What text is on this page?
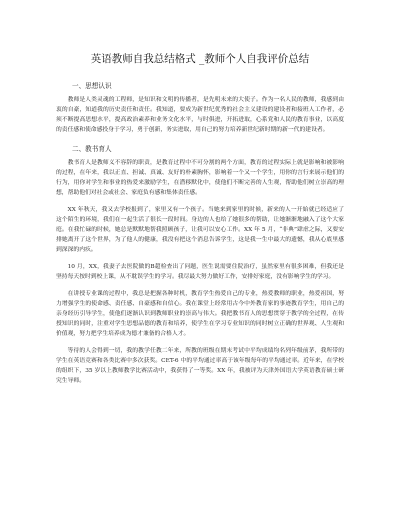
英语教师自我总结格式 _教师个人自我评价总结
一、思想认识

教师是人类灵魂的工程师，是知识和文明的传播者，是先明未来的大使子。作为一名人民的教师，我感到由衷的自豪，知道我的历史责任和责任。我知道，要成为新世纪优秀的社会主义建设的建设者和接班人工作者，必须不断提高思想水平，提高政治素养和业务文化水平，与时俱进，开拓进取，心系党和人民的教育事业，以高度的责任感和使命感投身于学习，勇于创新，务实进取，用自己的努力培养新世纪新时期的新一代的建设者。

二、教书育人

教书育人是教师义不容辞的职责，是教育过程中不可分割的两个方面，教育的过程实际上就是影响和被影响的过程，在年来，我以正直、担诚、真诚、友好的朴素胸怀，影响着一个又一个学生，用你的言行来展示他们的行为，用你对学生和事业的热爱来激励学生，在潜移默化中，使他们不断完善的人生观，帮助他们树立崇高的理想，帮助他们对社会或社会、家庭负有感和集体责任感。

XX 年秋天，我又去学校报到了，家里又有一个孩子。当她来到家里的时候，新来的人一开始就已经适应了这个陌生的环境，我们在一起生活了很长一段时间。身边的人也给了她很多的帮助，让她渐渐地融入了这个大家庭。在我忙碌的时候，她总是默默地帮我照顾孩子，让我可以安心工作。XX 年 5 月，“非典”肆虐之际，又要安排她离开了这个世界，为了他人的健康，我没有把这个消息告诉学生，这是我一生中最大的遗憾，我从心底里感到深深的内疚。

10 月，XX，我妻子去医院做的B超检查出了问题，医生说需要住院治疗，虽然家里有很多困难，但我还是坚持每天按时到校上课，从不耽误学生的学习。我尽最大努力做好工作，安排好家庭，没有影响学生的学习。

在讲授专业课的过程中，我总是把握各种时机，教育学生热爱自己的专业，热爱教师的职业，热爱祖国，努力增强学生的使命感、责任感、自豪感和自信心。我在课堂上经常用古今中外教育家的事迹教育学生，用自己的亲身经历引导学生，使他们逐渐认识到教师职业的崇高与伟大。我把教书育人的思想贯穿于教学的全过程，在传授知识的同时，注重对学生思想品德的教育和培养，使学生在学习专业知识的同时树立正确的世界观、人生观和价值观，努力把学生培养成为德才兼备的合格人才。

等待的人会得到一切，我的教学任教二年来，所教的班级在期末考试中平均成绩均名列年级前茅，我所带的学生在英语竞赛和各类比赛中多次获奖。CET-6 中的平均通过率高于该年级每年的平均通过率。近年来，在学校的组织下，35 岁以上教师教学比赛活动中，我获得了一等奖。XX 年，我被评为天津外国语大学英语教育硕士研究生导师。
